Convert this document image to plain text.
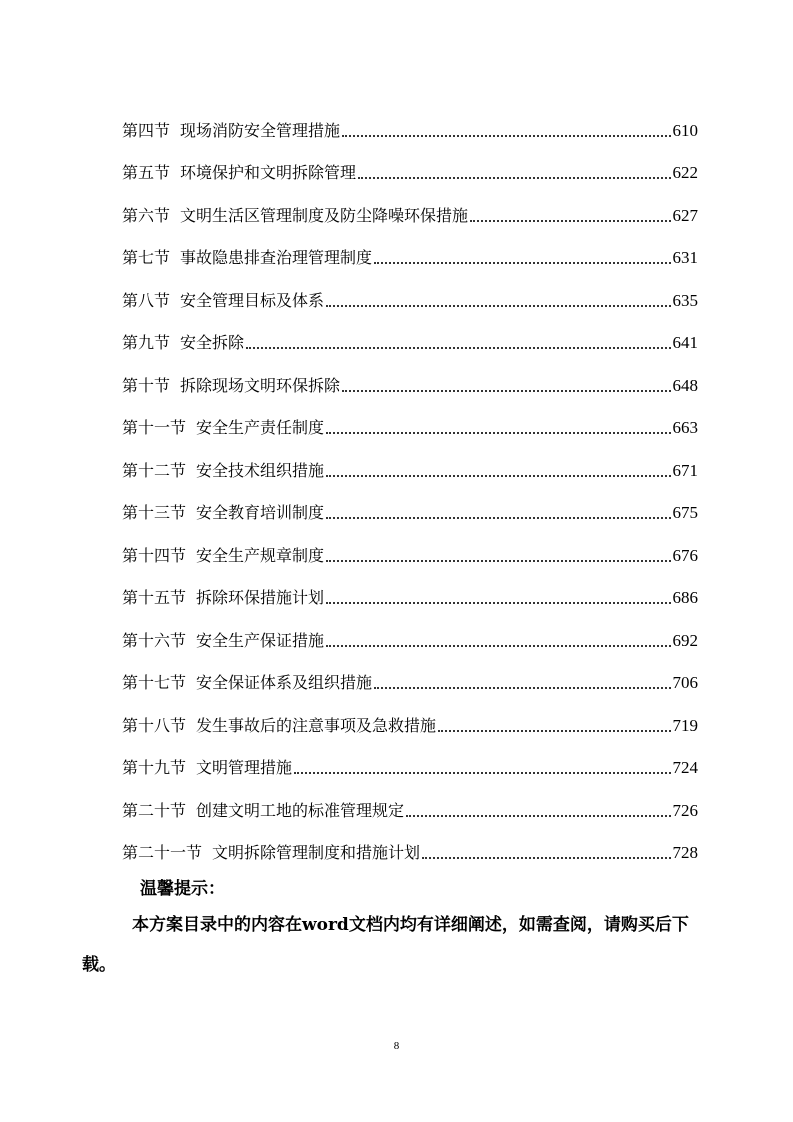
第四节 现场消防安全管理措施	610
第五节 环境保护和文明拆除管理	622
第六节 文明生活区管理制度及防尘降噪环保措施	627
第七节 事故隐患排查治理管理制度	631
第八节 安全管理目标及体系	635
第九节 安全拆除	641
第十节 拆除现场文明环保拆除	648
第十一节 安全生产责任制度	663
第十二节 安全技术组织措施	671
第十三节 安全教育培训制度	675
第十四节 安全生产规章制度	676
第十五节 拆除环保措施计划	686
第十六节 安全生产保证措施	692
第十七节 安全保证体系及组织措施	706
第十八节 发生事故后的注意事项及急救措施	719
第十九节 文明管理措施	724
第二十节 创建文明工地的标准管理规定	726
第二十一节 文明拆除管理制度和措施计划	728
温馨提示：
本方案目录中的内容在word文档内均有详细阐述，如需查阅，请购买后下载。
8
